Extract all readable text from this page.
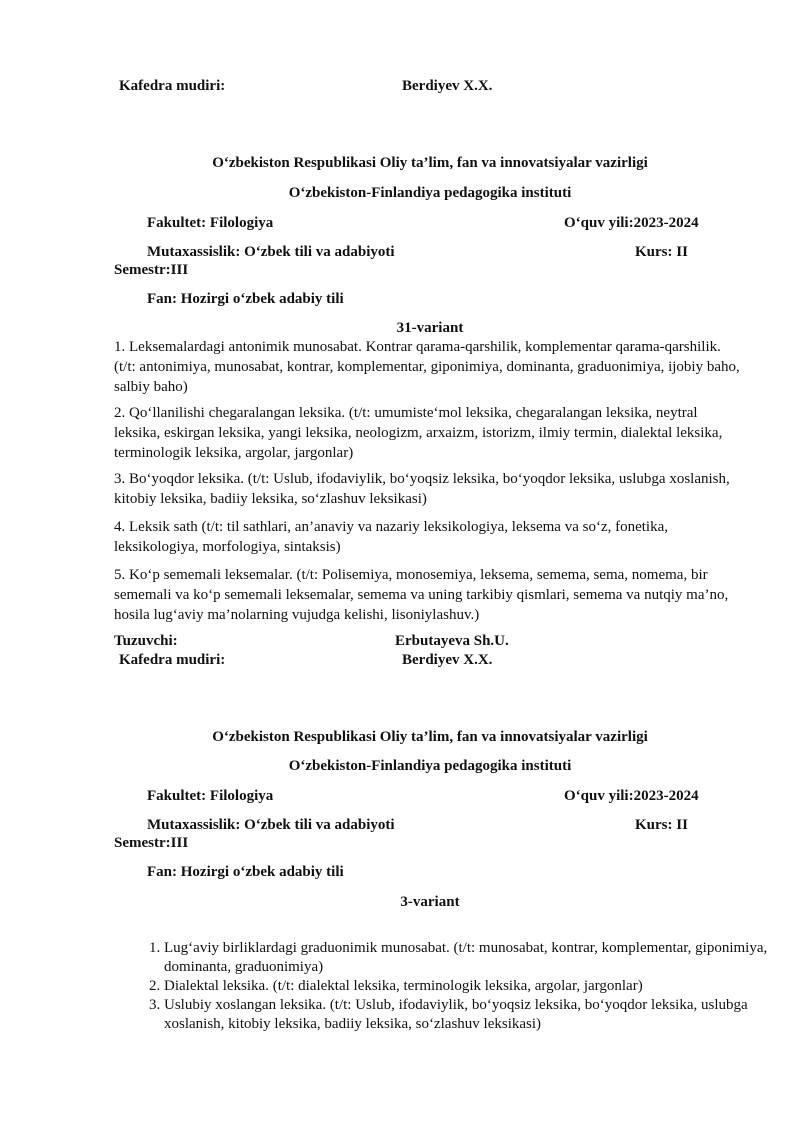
Kafedra mudiri:	Berdiyev X.X.
O‘zbekiston Respublikasi Oliy ta’lim, fan va innovatsiyalar vazirligi
O‘zbekiston-Finlandiya pedagogika instituti
Fakultet: Filologiya	O‘quv yili:2023-2024
Mutaxassislik: O‘zbek tili va adabiyoti	Kurs: II
Semestr:III
Fan: Hozirgi o‘zbek adabiy tili
31-variant

1. Leksemalardagi antonimik munosabat. Kontrar qarama-qarshilik, komplementar qarama-qarshilik. (t/t: antonimiya, munosabat, kontrar, komplementar, giponimiya, dominanta, graduonimiya, ijobiy baho, salbiy baho)

2. Qo‘llanilishi chegaralangan leksika. (t/t: umumiste‘mol leksika, chegaralangan leksika, neytral leksika, eskirgan leksika, yangi leksika, neologizm, arxaizm, istorizm, ilmiy termin, dialektal leksika, terminologik leksika, argolar, jargonlar)

3. Bo‘yoqdor leksika. (t/t: Uslub, ifodaviylik, bo‘yoqsiz leksika, bo‘yoqdor leksika, uslubga xoslanish, kitobiy leksika, badiiy leksika, so‘zlashuv leksikasi)

4. Leksik sath (t/t: til sathlari, an’anaviy va nazariy leksikologiya, leksema va so‘z, fonetika, leksikologiya, morfologiya, sintaksis)

5. Ko‘p sememali leksemalar. (t/t: Polisemiya, monosemiya, leksema, semema, sema, nomema, bir sememali va ko‘p sememali leksemalar, semema va uning tarkibiy qismlari, semema va nutqiy ma’no, hosila lug‘aviy ma’nolarning vujudga kelishi, lisoniylashuv.)

Tuzuvchi:	Erbutayeva Sh.U.
Kafedra mudiri:	Berdiyev X.X.
O‘zbekiston Respublikasi Oliy ta’lim, fan va innovatsiyalar vazirligi
O‘zbekiston-Finlandiya pedagogika instituti
Fakultet: Filologiya	O‘quv yili:2023-2024
Mutaxassislik: O‘zbek tili va adabiyoti	Kurs: II
Semestr:III
Fan: Hozirgi o‘zbek adabiy tili
3-variant
1. Lug‘aviy birliklardagi graduonimik munosabat. (t/t: munosabat, kontrar, komplementar, giponimiya, dominanta, graduonimiya)
2. Dialektal leksika. (t/t: dialektal leksika, terminologik leksika, argolar, jargonlar)
3. Uslubiy xoslangan leksika. (t/t: Uslub, ifodaviylik, bo‘yoqsiz leksika, bo‘yoqdor leksika, uslubga xoslanish, kitobiy leksika, badiiy leksika, so‘zlashuv leksikasi)
